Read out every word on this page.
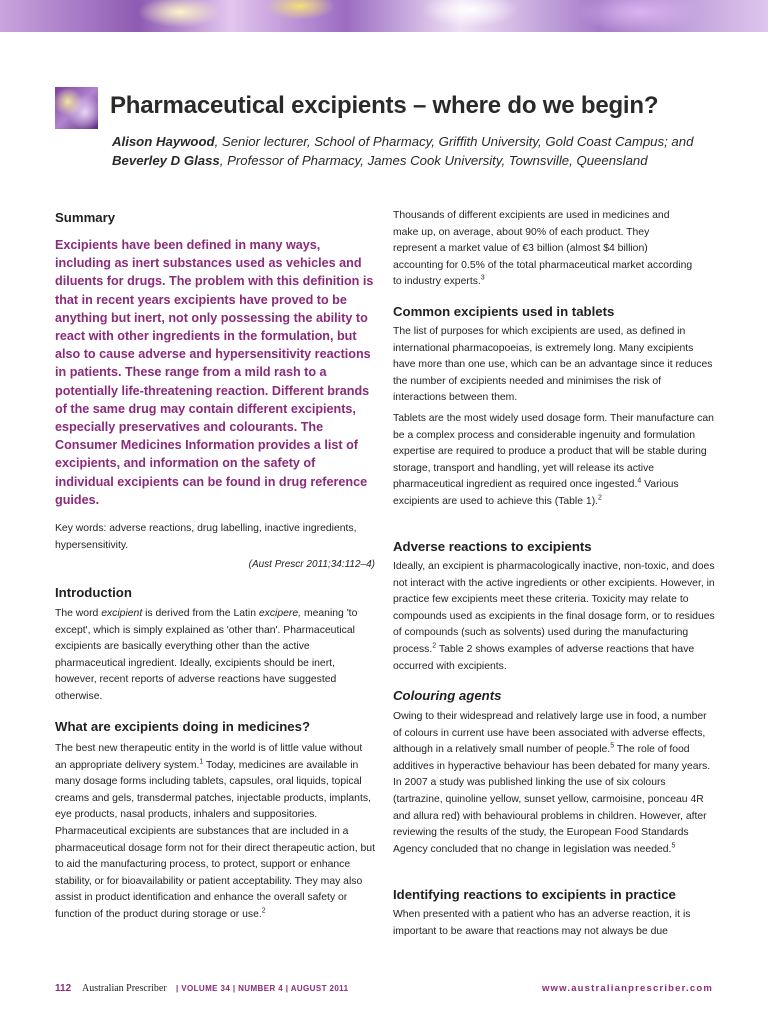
Pharmaceutical excipients – where do we begin?

Alison Haywood, Senior lecturer, School of Pharmacy, Griffith University, Gold Coast Campus; and Beverley D Glass, Professor of Pharmacy, James Cook University, Townsville, Queensland

Summary

Excipients have been defined in many ways, including as inert substances used as vehicles and diluents for drugs. The problem with this definition is that in recent years excipients have proved to be anything but inert, not only possessing the ability to react with other ingredients in the formulation, but also to cause adverse and hypersensitivity reactions in patients. These range from a mild rash to a potentially life-threatening reaction. Different brands of the same drug may contain different excipients, especially preservatives and colourants. The Consumer Medicines Information provides a list of excipients, and information on the safety of individual excipients can be found in drug reference guides.

Key words: adverse reactions, drug labelling, inactive ingredients, hypersensitivity.

(Aust Prescr 2011;34:112–4)

Introduction

The word excipient is derived from the Latin excipere, meaning 'to except', which is simply explained as 'other than'. Pharmaceutical excipients are basically everything other than the active pharmaceutical ingredient. Ideally, excipients should be inert, however, recent reports of adverse reactions have suggested otherwise.

What are excipients doing in medicines?

The best new therapeutic entity in the world is of little value without an appropriate delivery system.$^1$ Today, medicines are available in many dosage forms including tablets, capsules, oral liquids, topical creams and gels, transdermal patches, injectable products, implants, eye products, nasal products, inhalers and suppositories. Pharmaceutical excipients are substances that are included in a pharmaceutical dosage form not for their direct therapeutic action, but to aid the manufacturing process, to protect, support or enhance stability, or for bioavailability or patient acceptability. They may also assist in product identification and enhance the overall safety or function of the product during storage or use.$^2$

Thousands of different excipients are used in medicines and make up, on average, about 90% of each product. They represent a market value of €3 billion (almost $4 billion) accounting for 0.5% of the total pharmaceutical market according to industry experts.$^3$

Common excipients used in tablets

The list of purposes for which excipients are used, as defined in international pharmacopoeias, is extremely long. Many excipients have more than one use, which can be an advantage since it reduces the number of excipients needed and minimises the risk of interactions between them.

Tablets are the most widely used dosage form. Their manufacture can be a complex process and considerable ingenuity and formulation expertise are required to produce a product that will be stable during storage, transport and handling, yet will release its active pharmaceutical ingredient as required once ingested.$^4$ Various excipients are used to achieve this (Table 1).$^2$

Adverse reactions to excipients

Ideally, an excipient is pharmacologically inactive, non-toxic, and does not interact with the active ingredients or other excipients. However, in practice few excipients meet these criteria. Toxicity may relate to compounds used as excipients in the final dosage form, or to residues of compounds (such as solvents) used during the manufacturing process.$^2$ Table 2 shows examples of adverse reactions that have occurred with excipients.

Colouring agents

Owing to their widespread and relatively large use in food, a number of colours in current use have been associated with adverse effects, although in a relatively small number of people.$^5$ The role of food additives in hyperactive behaviour has been debated for many years. In 2007 a study was published linking the use of six colours (tartrazine, quinoline yellow, sunset yellow, carmoisine, ponceau 4R and allura red) with behavioural problems in children. However, after reviewing the results of the study, the European Food Standards Agency concluded that no change in legislation was needed.$^5$

Identifying reactions to excipients in practice

When presented with a patient who has an adverse reaction, it is important to be aware that reactions may not always be due

112 Australian Prescriber | VOLUME 34 | NUMBER 4 | AUGUST 2011	www.australianprescriber.com
